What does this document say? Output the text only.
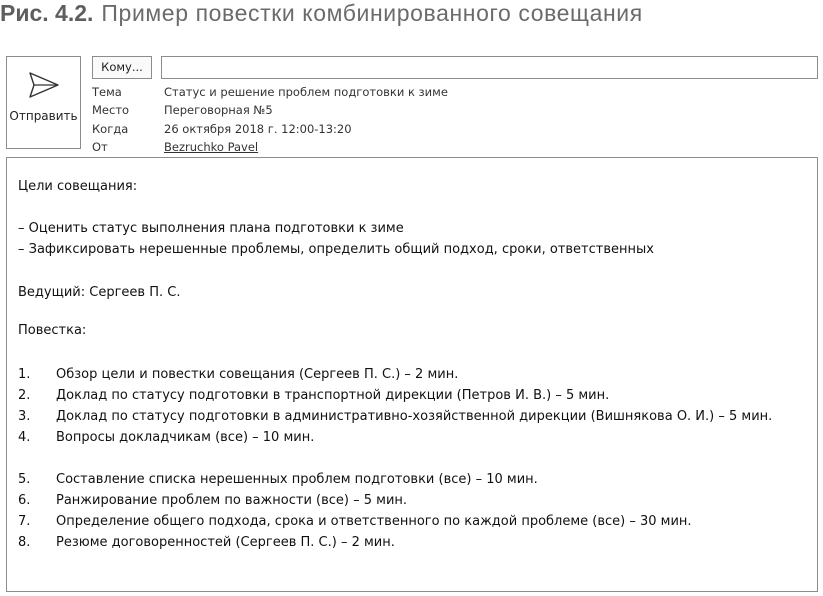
Рис. 4.2. Пример повестки комбинированного совещания
Отправить
Кому...
Тема	Статус и решение проблем подготовки к зиме
Место	Переговорная №5
Когда	26 октября 2018 г. 12:00-13:20
От	Bezruchko Pavel
Цели совещания:
– Оценить статус выполнения плана подготовки к зиме
– Зафиксировать нерешенные проблемы, определить общий подход, сроки, ответственных
Ведущий: Сергеев П. С.
Повестка:
1. Обзор цели и повестки совещания (Сергеев П. С.) – 2 мин.
2. Доклад по статусу подготовки в транспортной дирекции (Петров И. В.) – 5 мин.
3. Доклад по статусу подготовки в административно-хозяйственной дирекции (Вишнякова О. И.) – 5 мин.
4. Вопросы докладчикам (все) – 10 мин.
5. Составление списка нерешенных проблем подготовки (все) – 10 мин.
6. Ранжирование проблем по важности (все) – 5 мин.
7. Определение общего подхода, срока и ответственного по каждой проблеме (все) – 30 мин.
8. Резюме договоренностей (Сергеев П. С.) – 2 мин.
